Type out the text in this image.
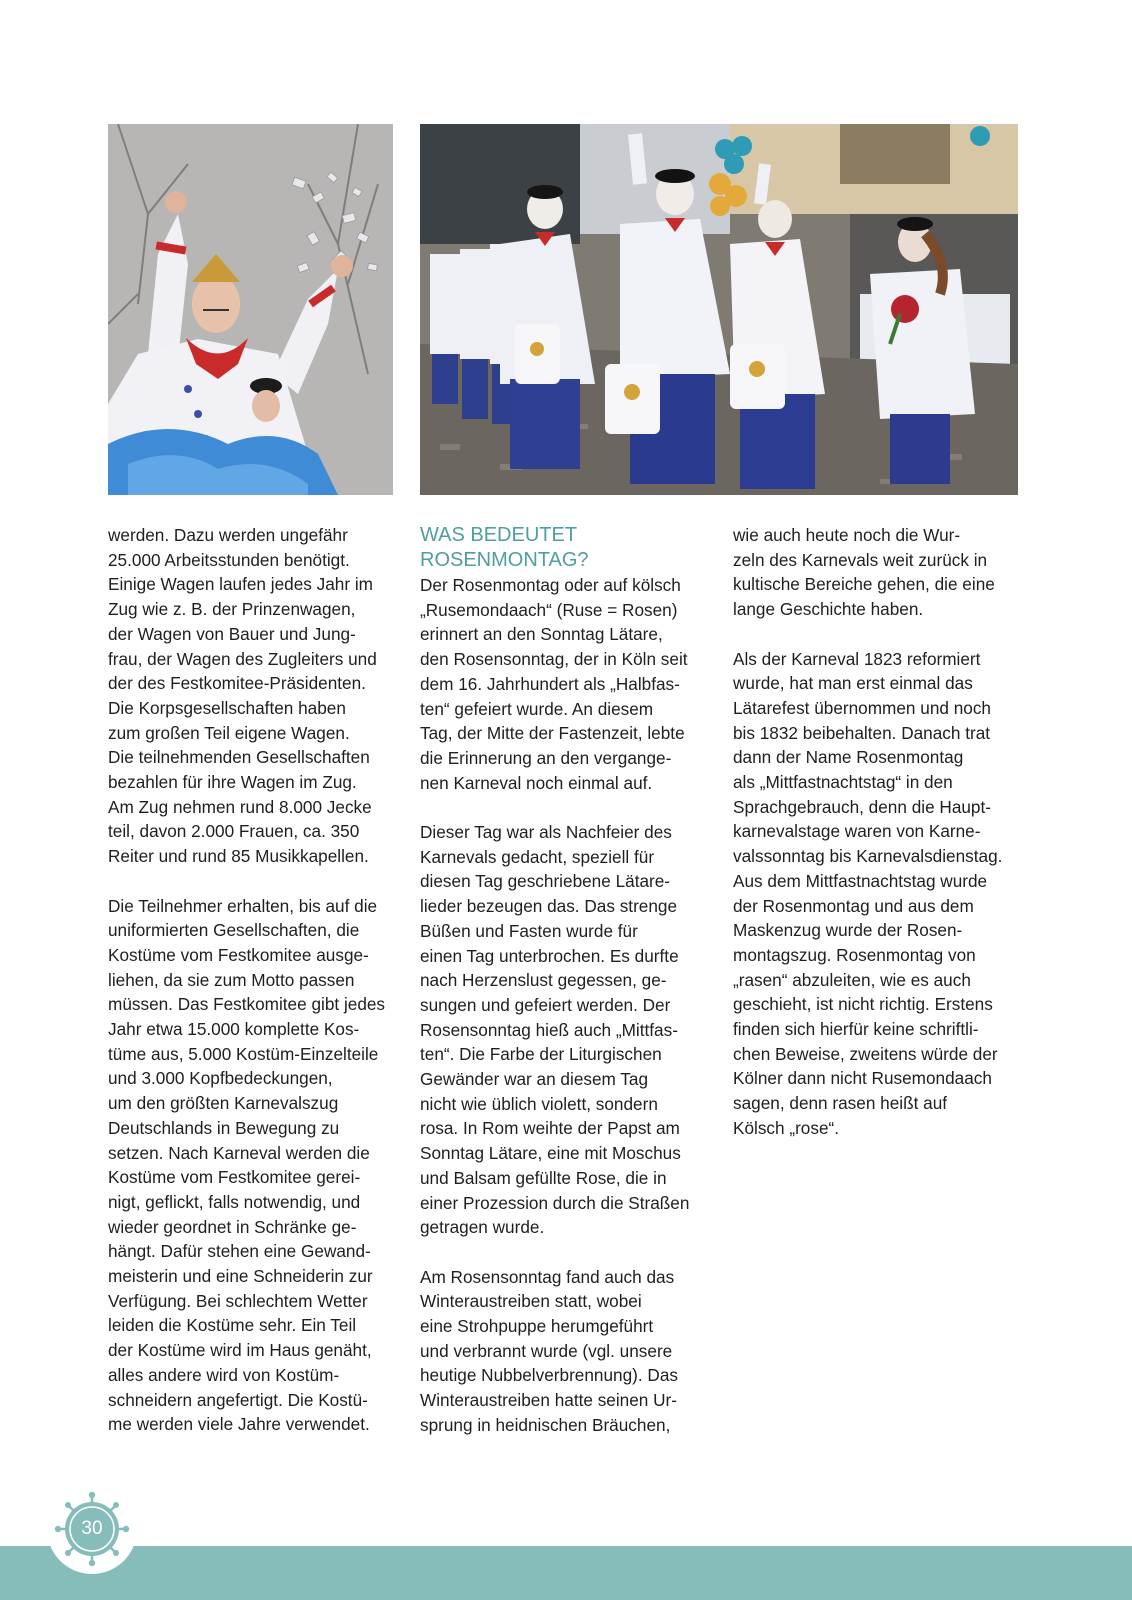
werden. Dazu werden ungefähr
25.000 Arbeitsstunden benötigt.
Einige Wagen laufen jedes Jahr im
Zug wie z. B. der Prinzenwagen,
der Wagen von Bauer und Jung-
frau, der Wagen des Zugleiters und
der des Festkomitee-Präsidenten.
Die Korpsgesellschaften haben
zum großen Teil eigene Wagen.
Die teilnehmenden Gesellschaften
bezahlen für ihre Wagen im Zug.
Am Zug nehmen rund 8.000 Jecke
teil, davon 2.000 Frauen, ca. 350
Reiter und rund 85 Musikkapellen.

Die Teilnehmer erhalten, bis auf die
uniformierten Gesellschaften, die
Kostüme vom Festkomitee ausge-
liehen, da sie zum Motto passen
müssen. Das Festkomitee gibt jedes
Jahr etwa 15.000 komplette Kos-
tüme aus, 5.000 Kostüm-Einzelteile
und 3.000 Kopfbedeckungen,
um den größten Karnevalszug
Deutschlands in Bewegung zu
setzen. Nach Karneval werden die
Kostüme vom Festkomitee gerei-
nigt, geflickt, falls notwendig, und
wieder geordnet in Schränke ge-
hängt. Dafür stehen eine Gewand-
meisterin und eine Schneiderin zur
Verfügung. Bei schlechtem Wetter
leiden die Kostüme sehr. Ein Teil
der Kostüme wird im Haus genäht,
alles andere wird von Kostüm-
schneidern angefertigt. Die Kostü-
me werden viele Jahre verwendet.

WAS BEDEUTET
ROSENMONTAG?

Der Rosenmontag oder auf kölsch
„Rusemondaach“ (Ruse = Rosen)
erinnert an den Sonntag Lätare,
den Rosensonntag, der in Köln seit
dem 16. Jahrhundert als „Halbfas-
ten“ gefeiert wurde. An diesem
Tag, der Mitte der Fastenzeit, lebte
die Erinnerung an den vergange-
nen Karneval noch einmal auf.

Dieser Tag war als Nachfeier des
Karnevals gedacht, speziell für
diesen Tag geschriebene Lätare-
lieder bezeugen das. Das strenge
Büßen und Fasten wurde für
einen Tag unterbrochen. Es durfte
nach Herzenslust gegessen, ge-
sungen und gefeiert werden. Der
Rosensonntag hieß auch „Mittfas-
ten“. Die Farbe der Liturgischen
Gewänder war an diesem Tag
nicht wie üblich violett, sondern
rosa. In Rom weihte der Papst am
Sonntag Lätare, eine mit Moschus
und Balsam gefüllte Rose, die in
einer Prozession durch die Straßen
getragen wurde.

Am Rosensonntag fand auch das
Winteraustreiben statt, wobei
eine Strohpuppe herumgeführt
und verbrannt wurde (vgl. unsere
heutige Nubbelverbrennung). Das
Winteraustreiben hatte seinen Ur-
sprung in heidnischen Bräuchen,

wie auch heute noch die Wur-
zeln des Karnevals weit zurück in
kultische Bereiche gehen, die eine
lange Geschichte haben.

Als der Karneval 1823 reformiert
wurde, hat man erst einmal das
Lätarefest übernommen und noch
bis 1832 beibehalten. Danach trat
dann der Name Rosenmontag
als „Mittfastnachtstag“ in den
Sprachgebrauch, denn die Haupt-
karnevalstage waren von Karne-
valssonntag bis Karnevalsdienstag.
Aus dem Mittfastnachtstag wurde
der Rosenmontag und aus dem
Maskenzug wurde der Rosen-
montagszug. Rosenmontag von
„rasen“ abzuleiten, wie es auch
geschieht, ist nicht richtig. Erstens
finden sich hierfür keine schriftli-
chen Beweise, zweitens würde der
Kölner dann nicht Rusemondaach
sagen, denn rasen heißt auf
Kölsch „rose“.

30
